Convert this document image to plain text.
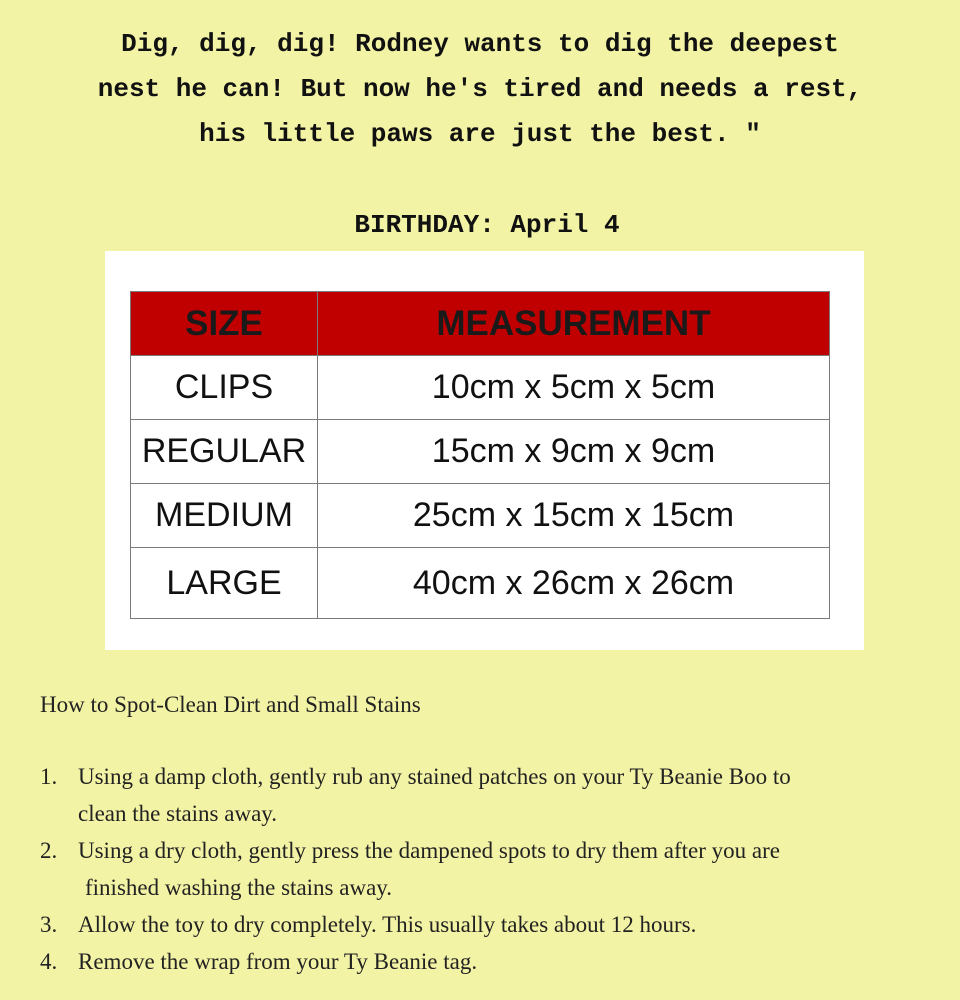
Dig, dig, dig! Rodney wants to dig the deepest
nest he can! But now he's tired and needs a rest,
his little paws are just the best. "
BIRTHDAY: April 4
SIZE	MEASUREMENT
CLIPS	10cm x 5cm x 5cm
REGULAR	15cm x 9cm x 9cm
MEDIUM	25cm x 15cm x 15cm
LARGE	40cm x 26cm x 26cm

How to Spot-Clean Dirt and Small Stains

1. Using a damp cloth, gently rub any stained patches on your Ty Beanie Boo to
clean the stains away.
2. Using a dry cloth, gently press the dampened spots to dry them after you are
finished washing the stains away.
3. Allow the toy to dry completely. This usually takes about 12 hours.
4. Remove the wrap from your Ty Beanie tag.
